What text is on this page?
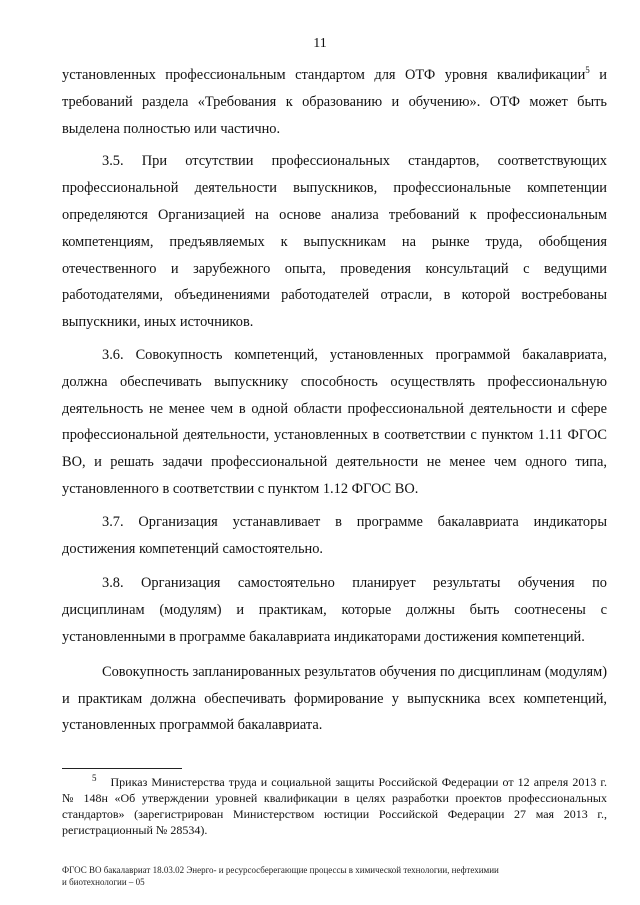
11

установленных профессиональным стандартом для ОТФ уровня квалификации$^5$ и требований раздела «Требования к образованию и обучению». ОТФ может быть выделена полностью или частично.

3.5. При отсутствии профессиональных стандартов, соответствующих профессиональной деятельности выпускников, профессиональные компетенции определяются Организацией на основе анализа требований к профессиональным компетенциям, предъявляемых к выпускникам на рынке труда, обобщения отечественного и зарубежного опыта, проведения консультаций с ведущими работодателями, объединениями работодателей отрасли, в которой востребованы выпускники, иных источников.

3.6. Совокупность компетенций, установленных программой бакалавриата, должна обеспечивать выпускнику способность осуществлять профессиональную деятельность не менее чем в одной области профессиональной деятельности и сфере профессиональной деятельности, установленных в соответствии с пунктом 1.11 ФГОС ВО, и решать задачи профессиональной деятельности не менее чем одного типа, установленного в соответствии с пунктом 1.12 ФГОС ВО.

3.7. Организация устанавливает в программе бакалавриата индикаторы достижения компетенций самостоятельно.

3.8. Организация самостоятельно планирует результаты обучения по дисциплинам (модулям) и практикам, которые должны быть соотнесены с установленными в программе бакалавриата индикаторами достижения компетенций.

Совокупность запланированных результатов обучения по дисциплинам (модулям) и практикам должна обеспечивать формирование у выпускника всех компетенций, установленных программой бакалавриата.

$^5$ Приказ Министерства труда и социальной защиты Российской Федерации от 12 апреля 2013 г. № 148н «Об утверждении уровней квалификации в целях разработки проектов профессиональных стандартов» (зарегистрирован Министерством юстиции Российской Федерации 27 мая 2013 г., регистрационный № 28534).
ФГОС ВО бакалавриат 18.03.02 Энерго- и ресурсосберегающие процессы в химической технологии, нефтехимии
и биотехнологии – 05
